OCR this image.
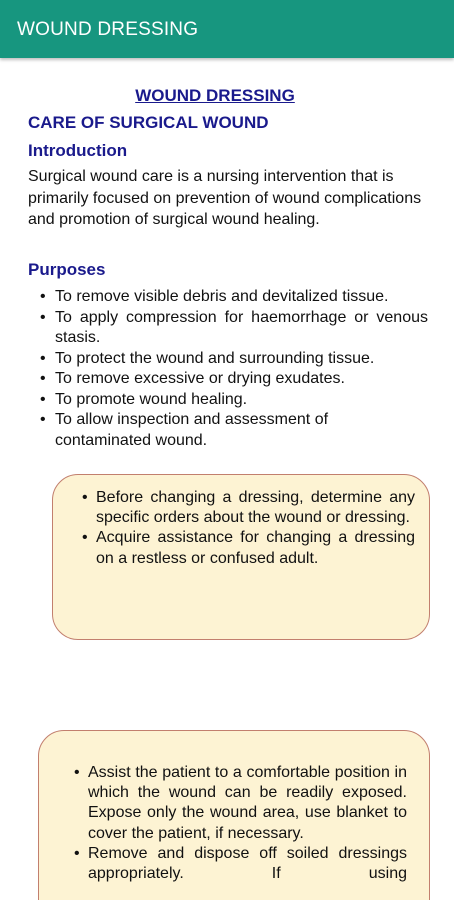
WOUND DRESSING
WOUND DRESSING
CARE OF SURGICAL WOUND
Introduction
Surgical wound care is a nursing intervention that is primarily focused on prevention of wound complications and promotion of surgical wound healing.
Purposes
• To remove visible debris and devitalized tissue.
• To apply compression for haemorrhage or venous stasis.
• To protect the wound and surrounding tissue.
• To remove excessive or drying exudates.
• To promote wound healing.
• To allow inspection and assessment of contaminated wound.
• Before changing a dressing, determine any specific orders about the wound or dressing.
• Acquire assistance for changing a dressing on a restless or confused adult.
• Assist the patient to a comfortable position in which the wound can be readily exposed. Expose only the wound area, use blanket to cover the patient, if necessary.
• Remove and dispose off soiled dressings appropriately. If using
